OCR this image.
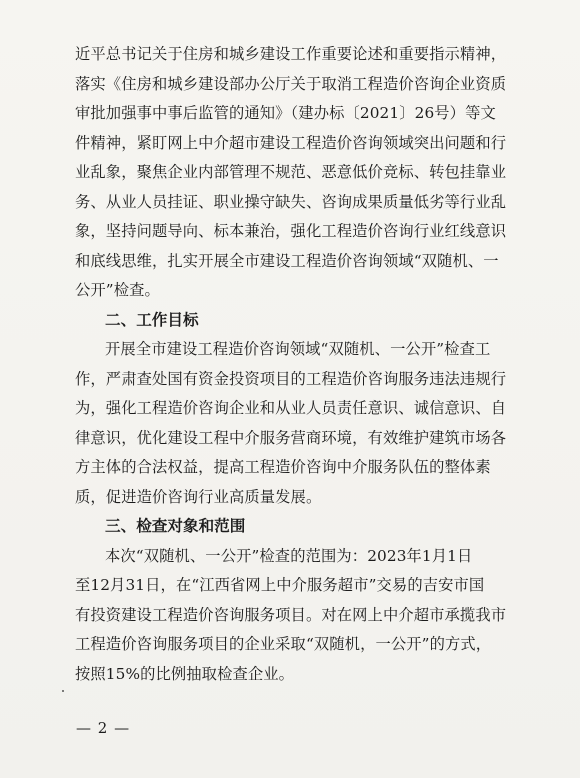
近平总书记关于住房和城乡建设工作重要论述和重要指示精神，

落实《住房和城乡建设部办公厅关于取消工程造价咨询企业资质

审批加强事中事后监管的通知》（建办标〔2021〕26号）等文

件精神，紧盯网上中介超市建设工程造价咨询领域突出问题和行

业乱象，聚焦企业内部管理不规范、恶意低价竞标、转包挂靠业

务、从业人员挂证、职业操守缺失、咨询成果质量低劣等行业乱

象，坚持问题导向、标本兼治，强化工程造价咨询行业红线意识

和底线思维，扎实开展全市建设工程造价咨询领域“双随机、一

公开”检查。

二、工作目标

开展全市建设工程造价咨询领域“双随机、一公开”检查工

作，严肃查处国有资金投资项目的工程造价咨询服务违法违规行

为，强化工程造价咨询企业和从业人员责任意识、诚信意识、自

律意识，优化建设工程中介服务营商环境，有效维护建筑市场各

方主体的合法权益，提高工程造价咨询中介服务队伍的整体素

质，促进造价咨询行业高质量发展。

三、检查对象和范围

本次“双随机、一公开”检查的范围为：2023年1月1日

至12月31日，在“江西省网上中介服务超市”交易的吉安市国

有投资建设工程造价咨询服务项目。对在网上中介超市承揽我市

工程造价咨询服务项目的企业采取“双随机，一公开”的方式，

按照15%的比例抽取检查企业。

— 2 —
